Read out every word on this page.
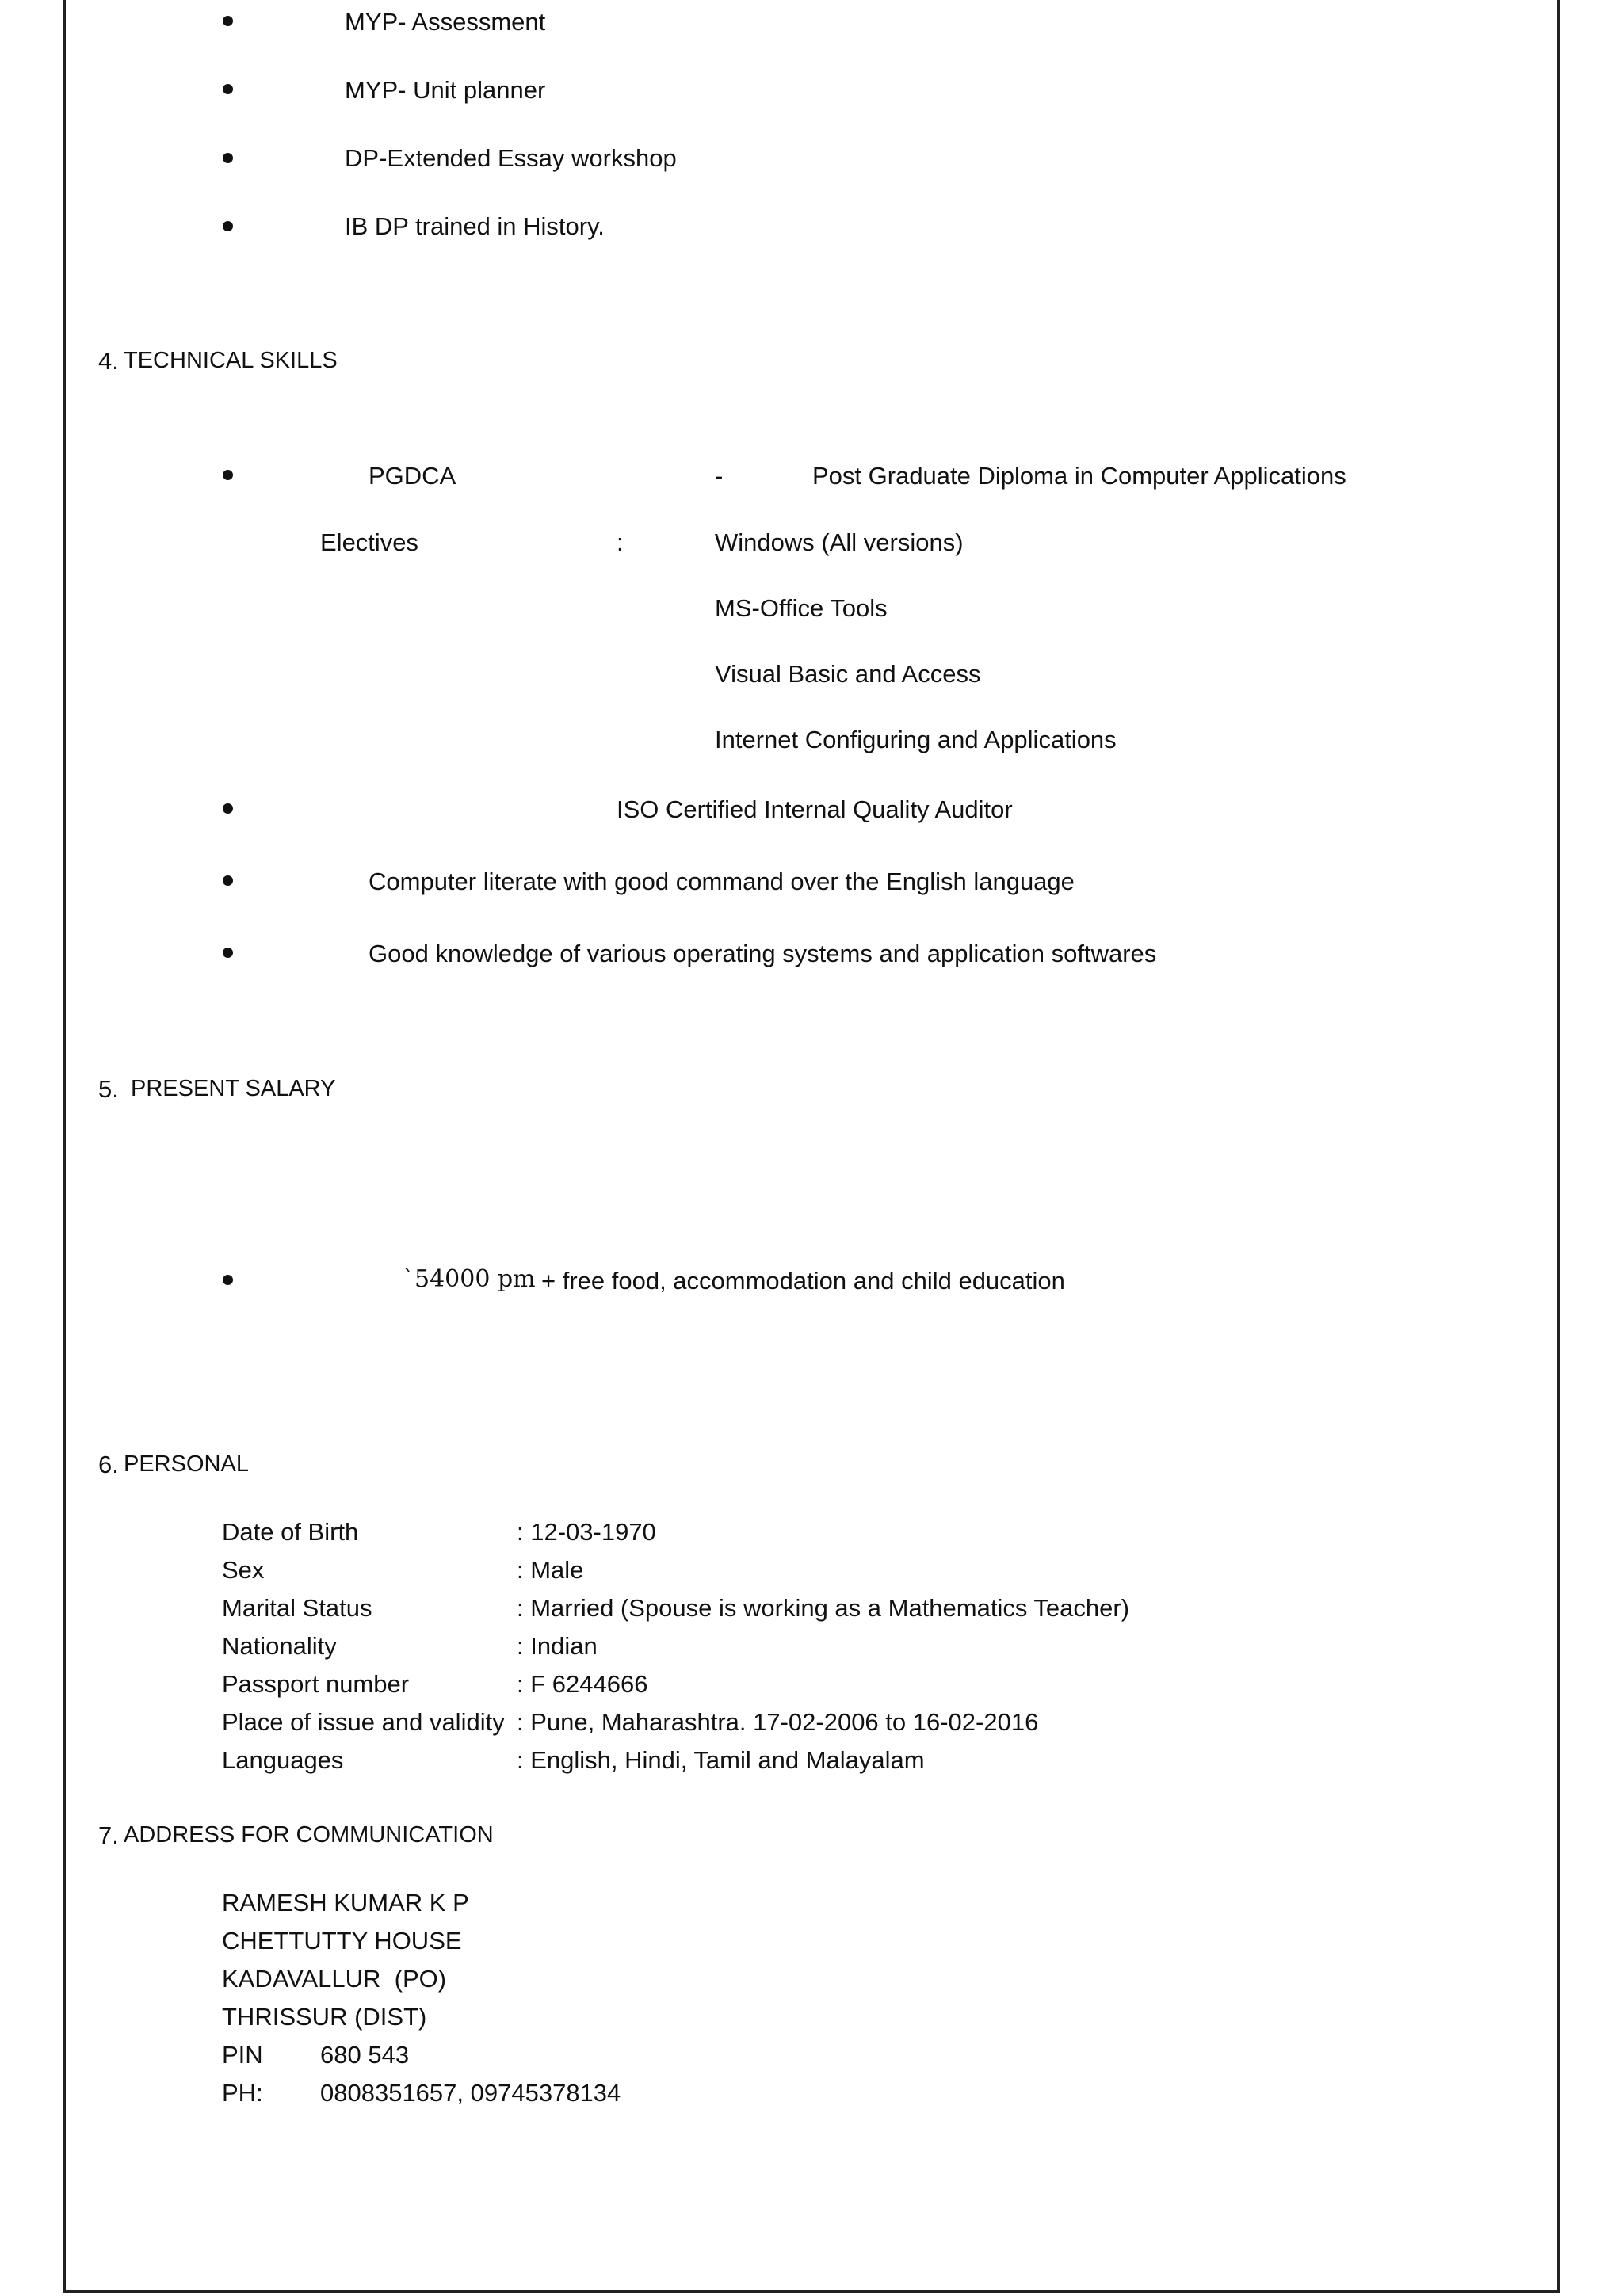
MYP- Assessment
MYP- Unit planner
DP-Extended Essay workshop
IB DP trained in History.
4. TECHNICAL SKILLS
PGDCA	-	Post Graduate Diploma in Computer Applications
Electives	:	Windows (All versions)
MS-Office Tools
Visual Basic and Access
Internet Configuring and Applications
ISO Certified Internal Quality Auditor
Computer literate with good command over the English language
Good knowledge of various operating systems and application softwares
5. PRESENT SALARY
`54000 pm + free food, accommodation and child education
6. PERSONAL
Date of Birth	: 12-03-1970
Sex	: Male
Marital Status	: Married (Spouse is working as a Mathematics Teacher)
Nationality	: Indian
Passport number	: F 6244666
Place of issue and validity : Pune, Maharashtra. 17-02-2006 to 16-02-2016
Languages	: English, Hindi, Tamil and Malayalam
7. ADDRESS FOR COMMUNICATION
RAMESH KUMAR K P
CHETTUTTY HOUSE
KADAVALLUR  (PO)
THRISSUR (DIST)
PIN 680 543
PH: 0808351657, 09745378134
